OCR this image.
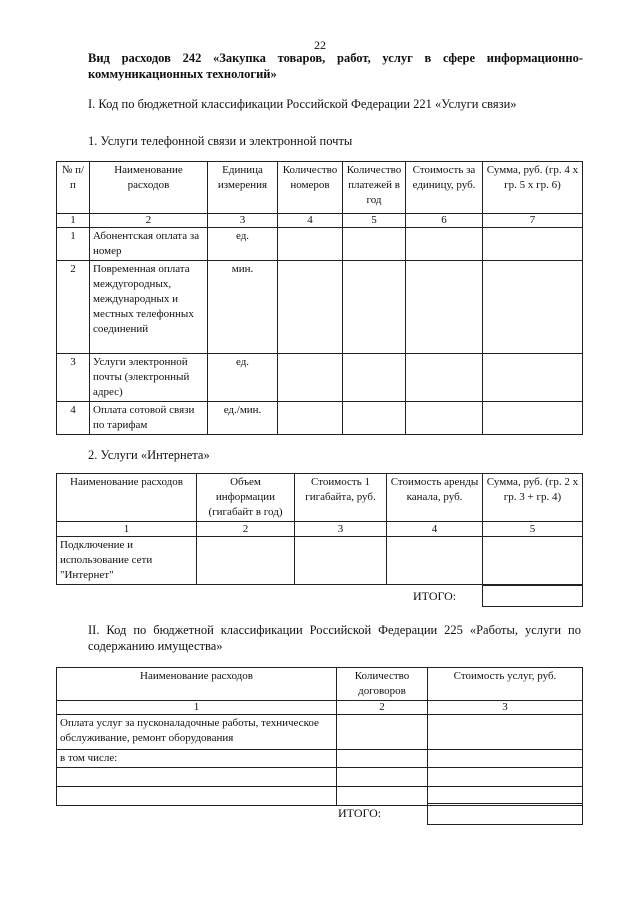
22
Вид расходов 242 «Закупка товаров, работ, услуг в сфере информационно-коммуникационных технологий»
I. Код по бюджетной классификации Российской Федерации 221 «Услуги связи»
1. Услуги телефонной связи и электронной почты
№ п/п	Наименование расходов	Единица измерения	Количество номеров	Количество платежей в год	Стоимость за единицу, руб.	Сумма, руб. (гр. 4 х гр. 5 х гр. 6)
1	2	3	4	5	6	7
1	Абонентская оплата за номер	ед.				
2	Повременная оплата междугородных, международных и местных телефонных соединений	мин.				
3	Услуги электронной почты (электронный адрес)	ед.				
4	Оплата сотовой связи по тарифам	ед./мин.				
2. Услуги «Интернета»
Наименование расходов	Объем информации (гигабайт в год)	Стоимость 1 гигабайта, руб.	Стоимость аренды канала, руб.	Сумма, руб. (гр. 2 х гр. 3 + гр. 4)
1	2	3	4	5
Подключение и использование сети "Интернет"				
ИТОГО:
II. Код по бюджетной классификации Российской Федерации 225 «Работы, услуги по содержанию имущества»
Наименование расходов	Количество договоров	Стоимость услуг, руб.
1	2	3
Оплата услуг за пусконаладочные работы, техническое обслуживание, ремонт оборудования		
в том числе:		

ИТОГО:
